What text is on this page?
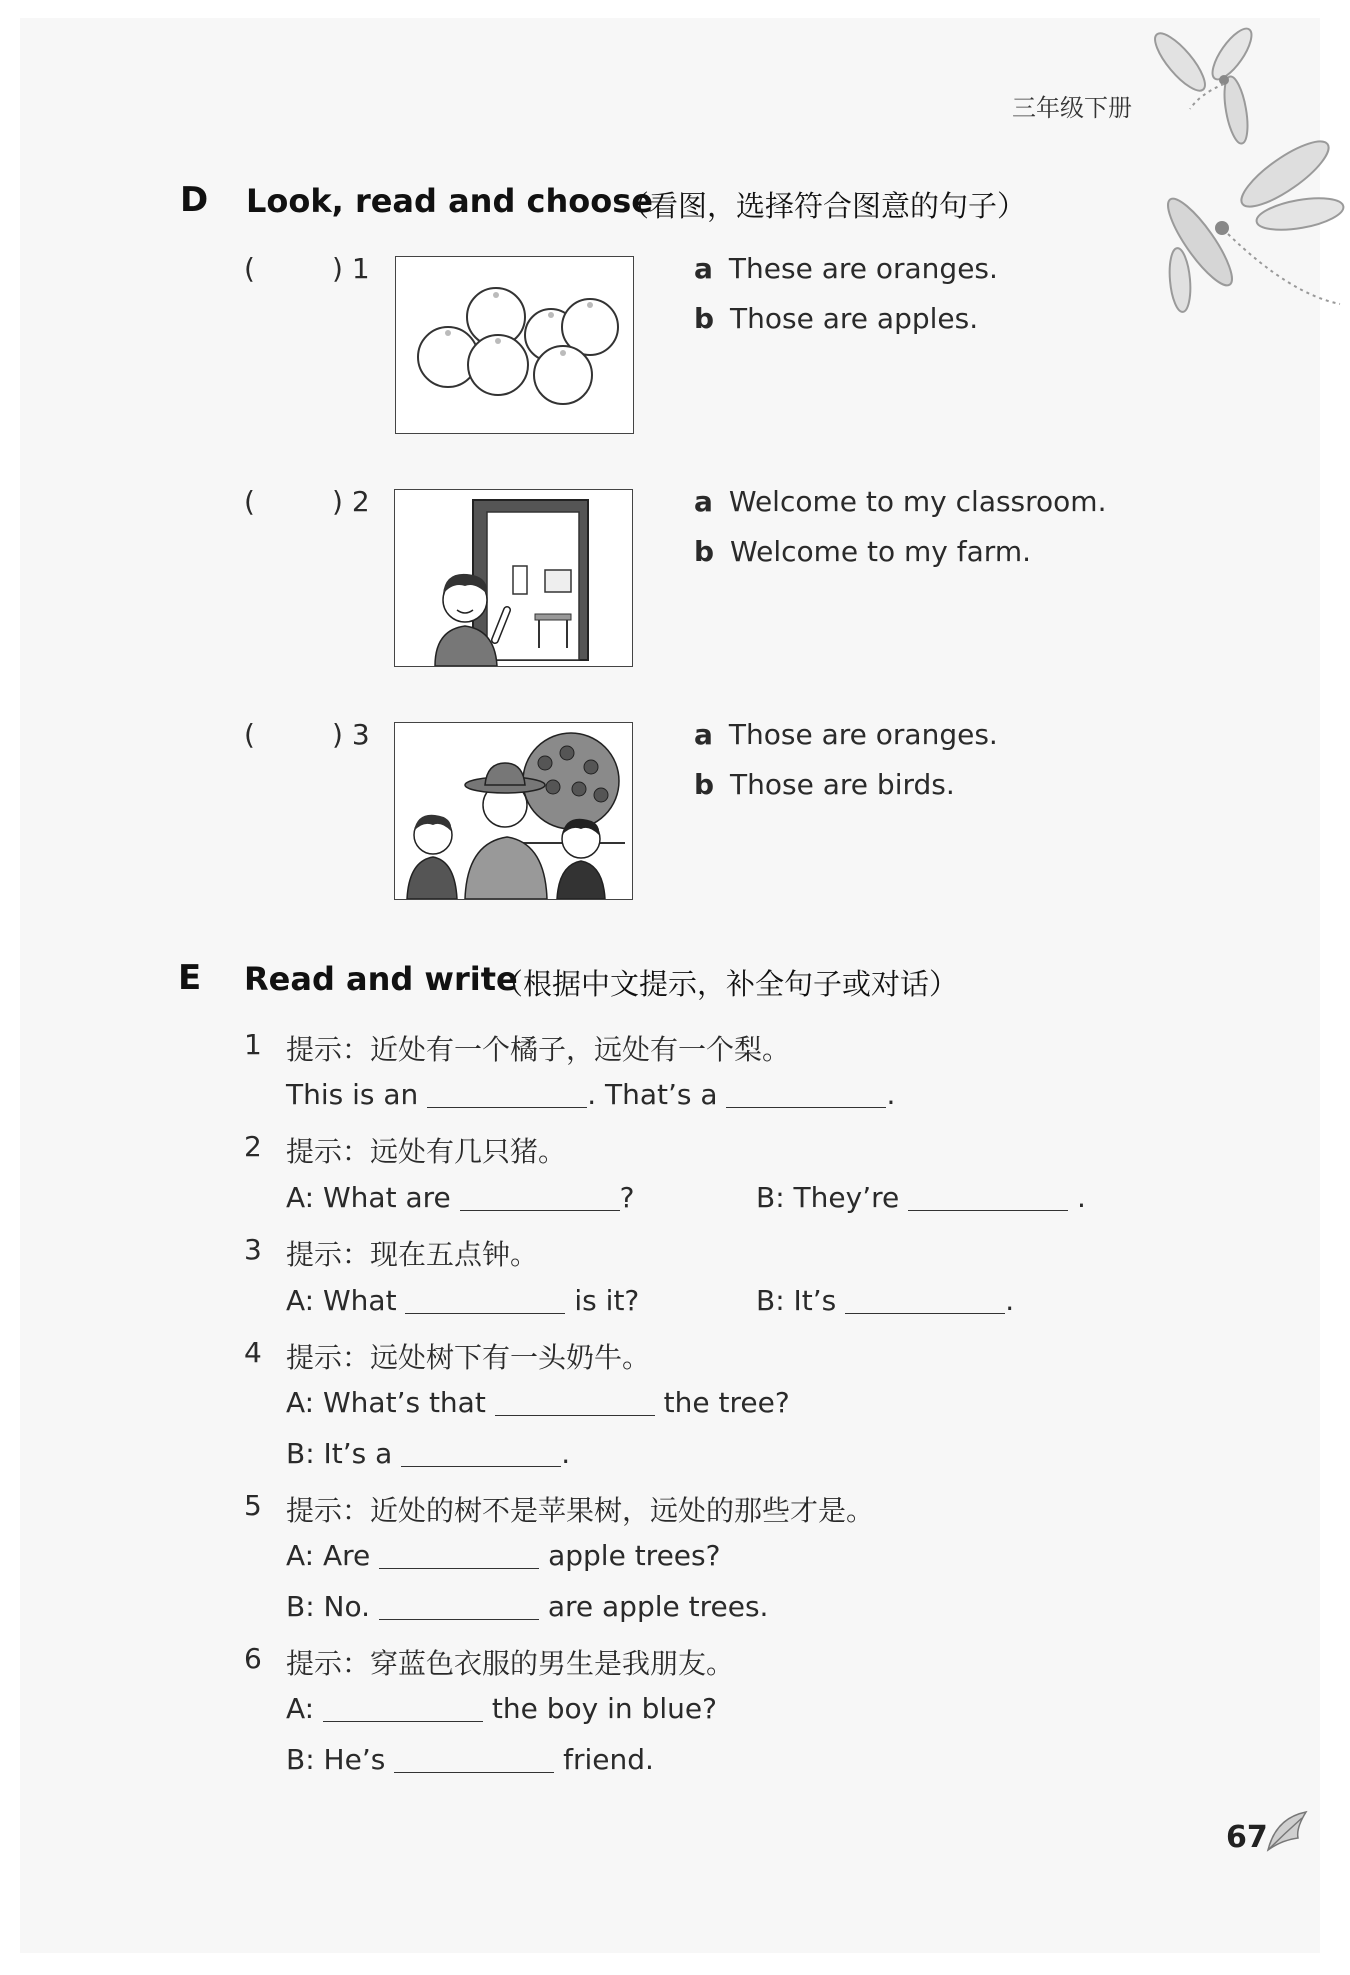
三年级下册
D Look, read and choose
（看图，选择符合图意的句子）
(	) 1	a These are oranges.
b Those are apples.
(	) 2	a Welcome to my classroom.
b Welcome to my farm.
(	) 3	a Those are oranges.
b Those are birds.
E Read and write
（根据中文提示，补全句子或对话）
1 提示：近处有一个橘子，远处有一个梨。
This is an	. That’s a	.
2 提示：远处有几只猪。
A: What are	?	B: They’re	.
3 提示：现在五点钟。
A: What	is it?	B: It’s	.
4 提示：远处树下有一头奶牛。
A: What’s that	the tree?
B: It’s a	.
5 提示：近处的树不是苹果树，远处的那些才是。
A: Are	apple trees?
B: No.	are apple trees.
6 提示：穿蓝色衣服的男生是我朋友。
A:	the boy in blue?
B: He’s	friend.
67
